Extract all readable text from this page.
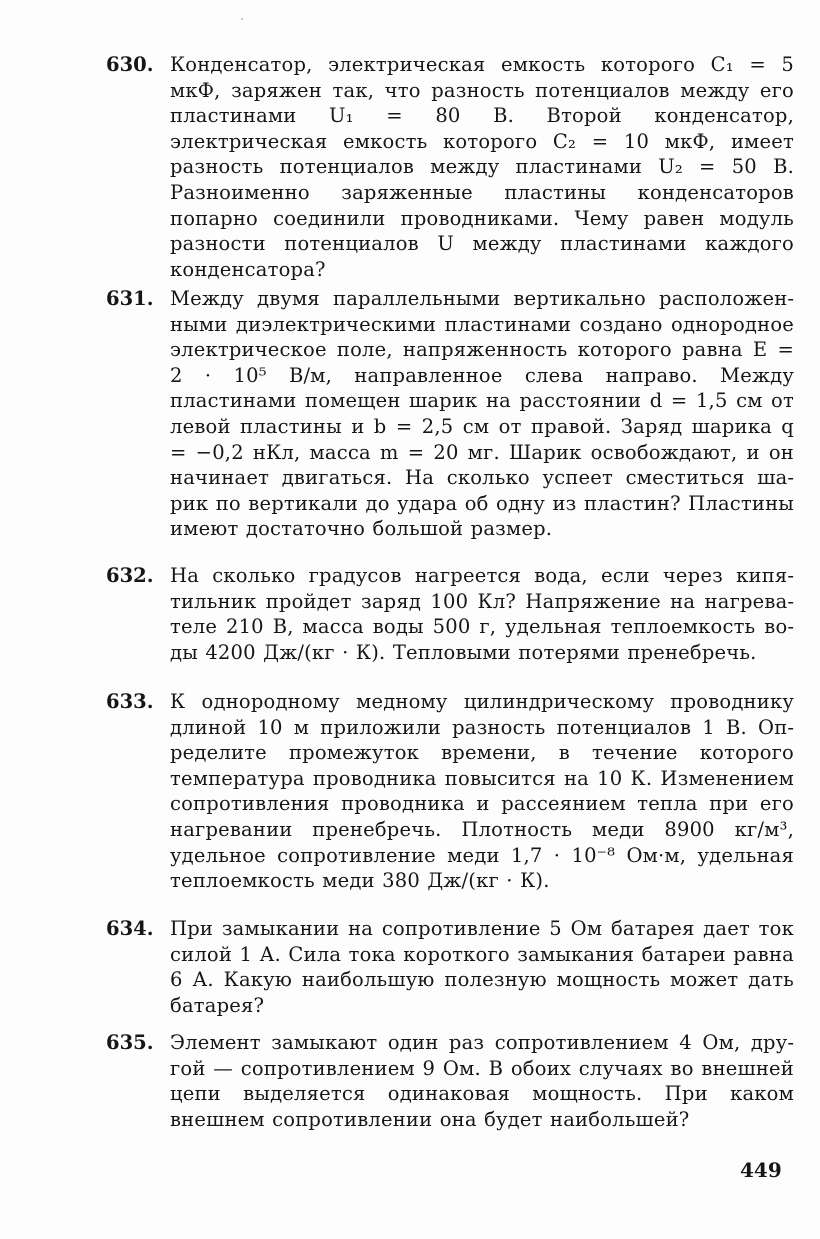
630. Конденсатор, электрическая емкость которого C₁ = 5 мкФ, заряжен так, что разность потенциалов между его пластинами U₁ = 80 В. Второй конденсатор, электрическая емкость которого C₂ = 10 мкФ, имеет разность потенциалов между пластинами U₂ = 50 В. Разноименно заряженные пластины конденсаторов попарно соединили проводниками. Чему равен модуль разности потенциалов U между пластинами каждого конденсатора?
631. Между двумя параллельными вертикально расположенными диэлектрическими пластинами создано однородное электрическое поле, напряженность которого равна E = 2 · 10⁵ В/м, направленное слева направо. Между пластинами помещен шарик на расстоянии d = 1,5 см от левой пластины и b = 2,5 см от правой. Заряд шарика q = −0,2 нКл, масса m = 20 мг. Шарик освобождают, и он начинает двигаться. На сколько успеет сместиться шарик по вертикали до удара об одну из пластин? Пластины имеют достаточно большой размер.
632. На сколько градусов нагреется вода, если через кипятильник пройдет заряд 100 Кл? Напряжение на нагревателе 210 В, масса воды 500 г, удельная теплоемкость воды 4200 Дж/(кг · К). Тепловыми потерями пренебречь.
633. К однородному медному цилиндрическому проводнику длиной 10 м приложили разность потенциалов 1 В. Определите промежуток времени, в течение которого температура проводника повысится на 10 К. Изменением сопротивления проводника и рассеянием тепла при его нагревании пренебречь. Плотность меди 8900 кг/м³, удельное сопротивление меди 1,7 · 10⁻⁸ Ом·м, удельная теплоемкость меди 380 Дж/(кг · К).
634. При замыкании на сопротивление 5 Ом батарея дает ток силой 1 А. Сила тока короткого замыкания батареи равна 6 А. Какую наибольшую полезную мощность может дать батарея?
635. Элемент замыкают один раз сопротивлением 4 Ом, другой — сопротивлением 9 Ом. В обоих случаях во внешней цепи выделяется одинаковая мощность. При каком внешнем сопротивлении она будет наибольшей?
449
